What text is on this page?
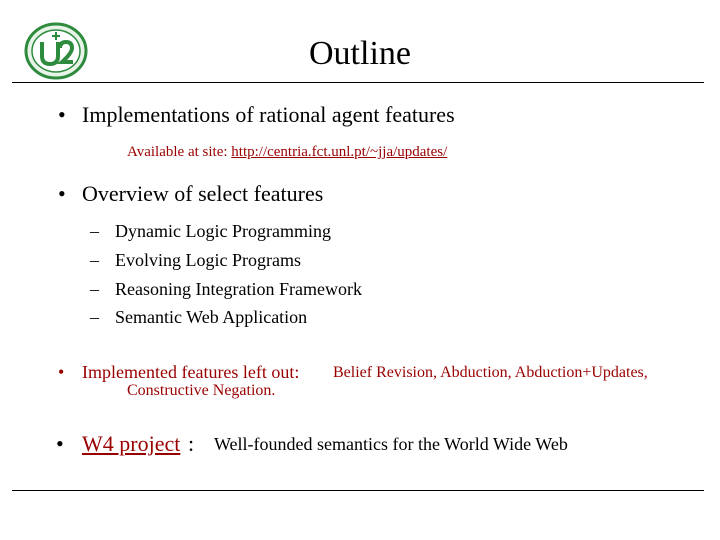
Outline
• Implementations of rational agent features
Available at site: http://centria.fct.unl.pt/~jja/updates/
• Overview of select features
– Dynamic Logic Programming
– Evolving Logic Programs
– Reasoning Integration Framework
– Semantic Web Application
• Implemented features left out: Belief Revision, Abduction, Abduction+Updates,
Constructive Negation.
• W4 project : Well-founded semantics for the World Wide Web
